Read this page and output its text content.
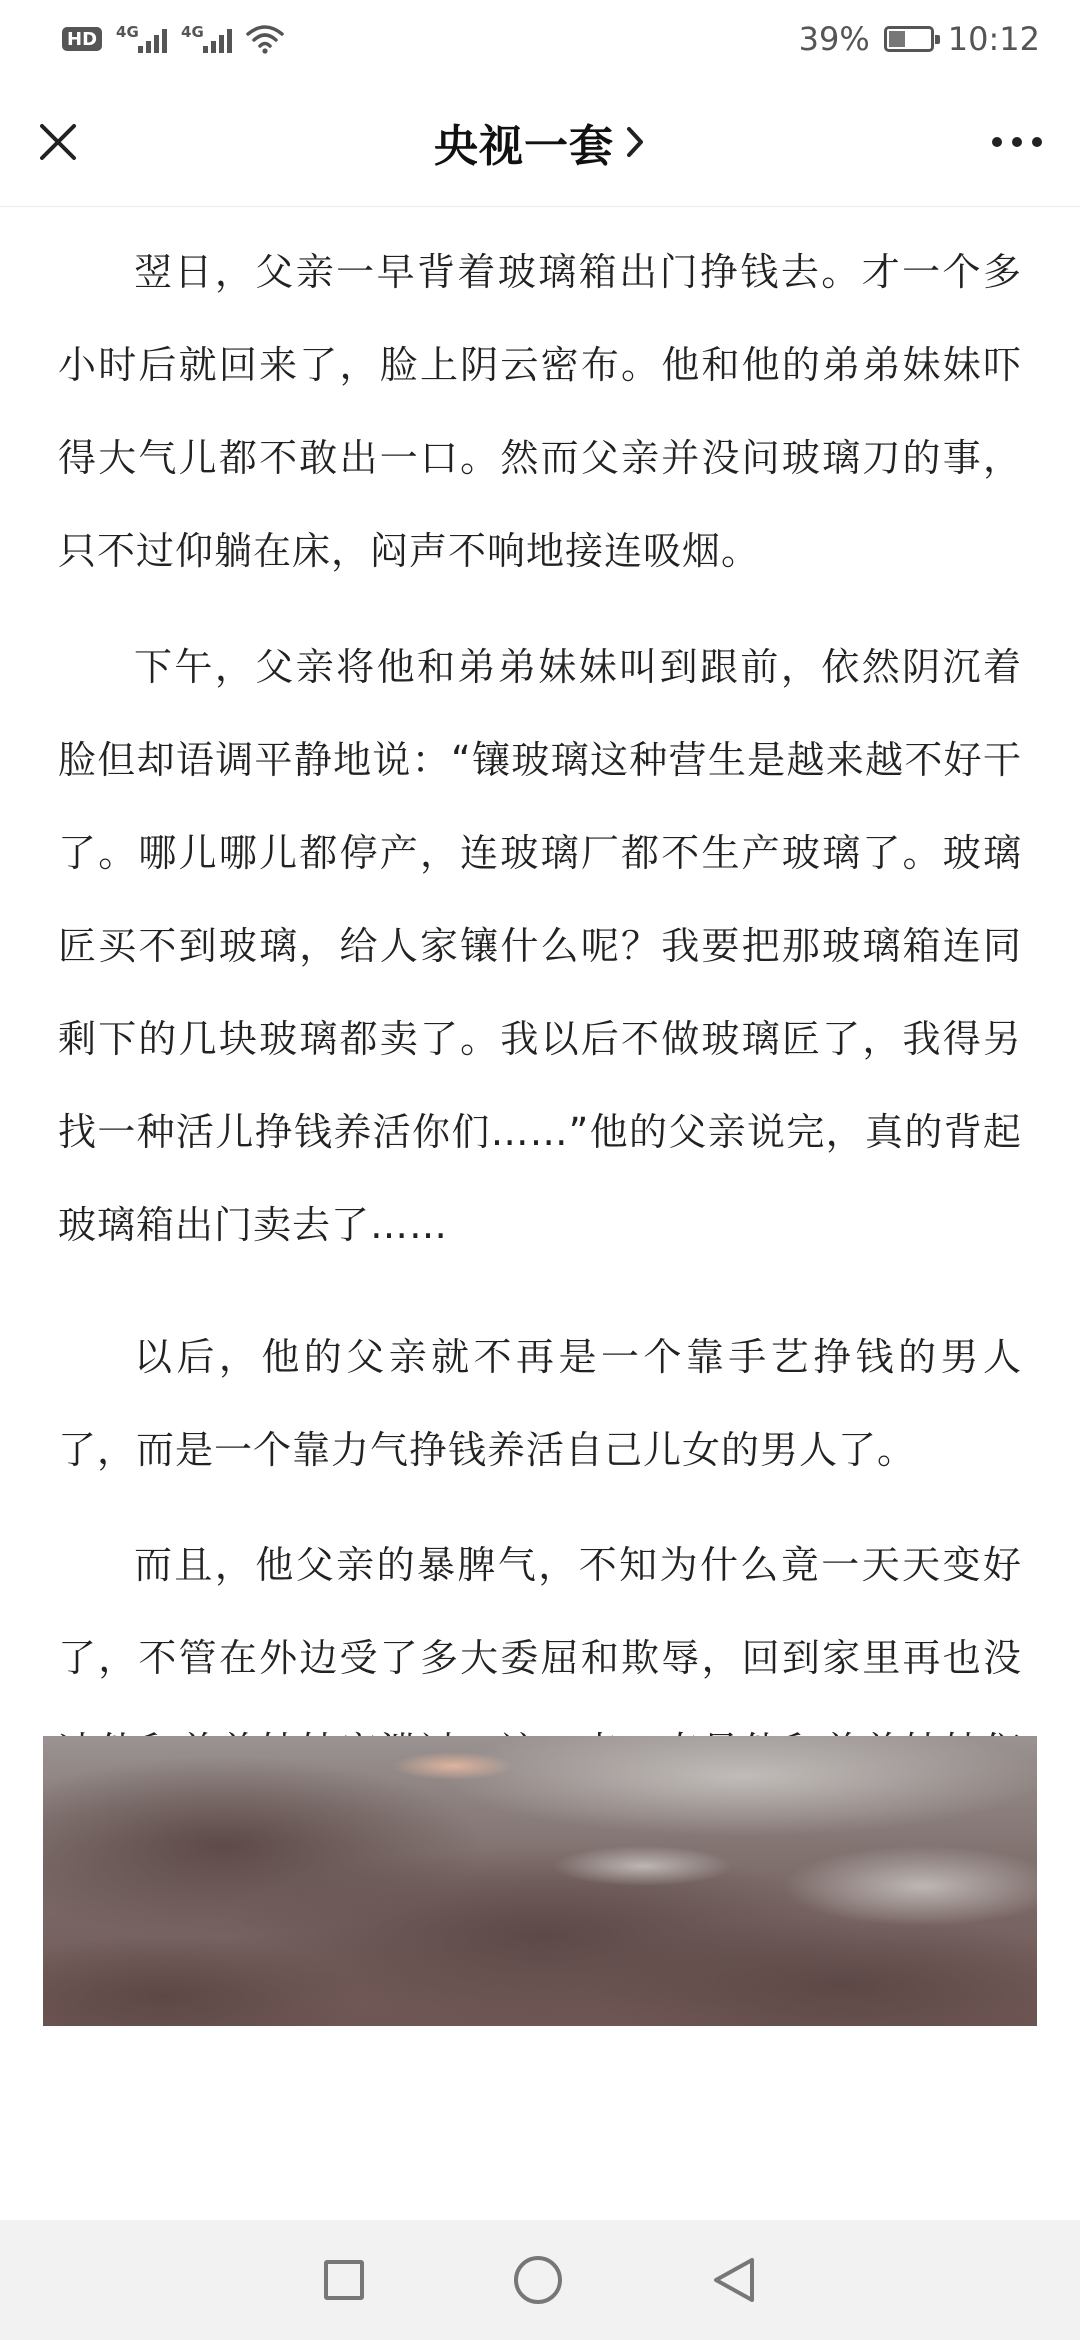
HD	4G	4G	39% 10:12
央视一套

翌日，父亲一早背着玻璃箱出门挣钱去。才一个多小时后就回来了，脸上阴云密布。他和他的弟弟妹妹吓得大气儿都不敢出一口。然而父亲并没问玻璃刀的事，只不过仰躺在床，闷声不响地接连吸烟。

下午，父亲将他和弟弟妹妹叫到跟前，依然阴沉着脸但却语调平静地说：“镶玻璃这种营生是越来越不好干了。哪儿哪儿都停产，连玻璃厂都不生产玻璃了。玻璃匠买不到玻璃，给人家镶什么呢？我要把那玻璃箱连同剩下的几块玻璃都卖了。我以后不做玻璃匠了，我得另找一种活儿挣钱养活你们……”他的父亲说完，真的背起玻璃箱出门卖去了……

以后，他的父亲就不再是一个靠手艺挣钱的男人了，而是一个靠力气挣钱养活自己儿女的男人了。

而且，他父亲的暴脾气，不知为什么竟一天天变好了，不管在外边受了多大委屈和欺辱，回到家里再也没
